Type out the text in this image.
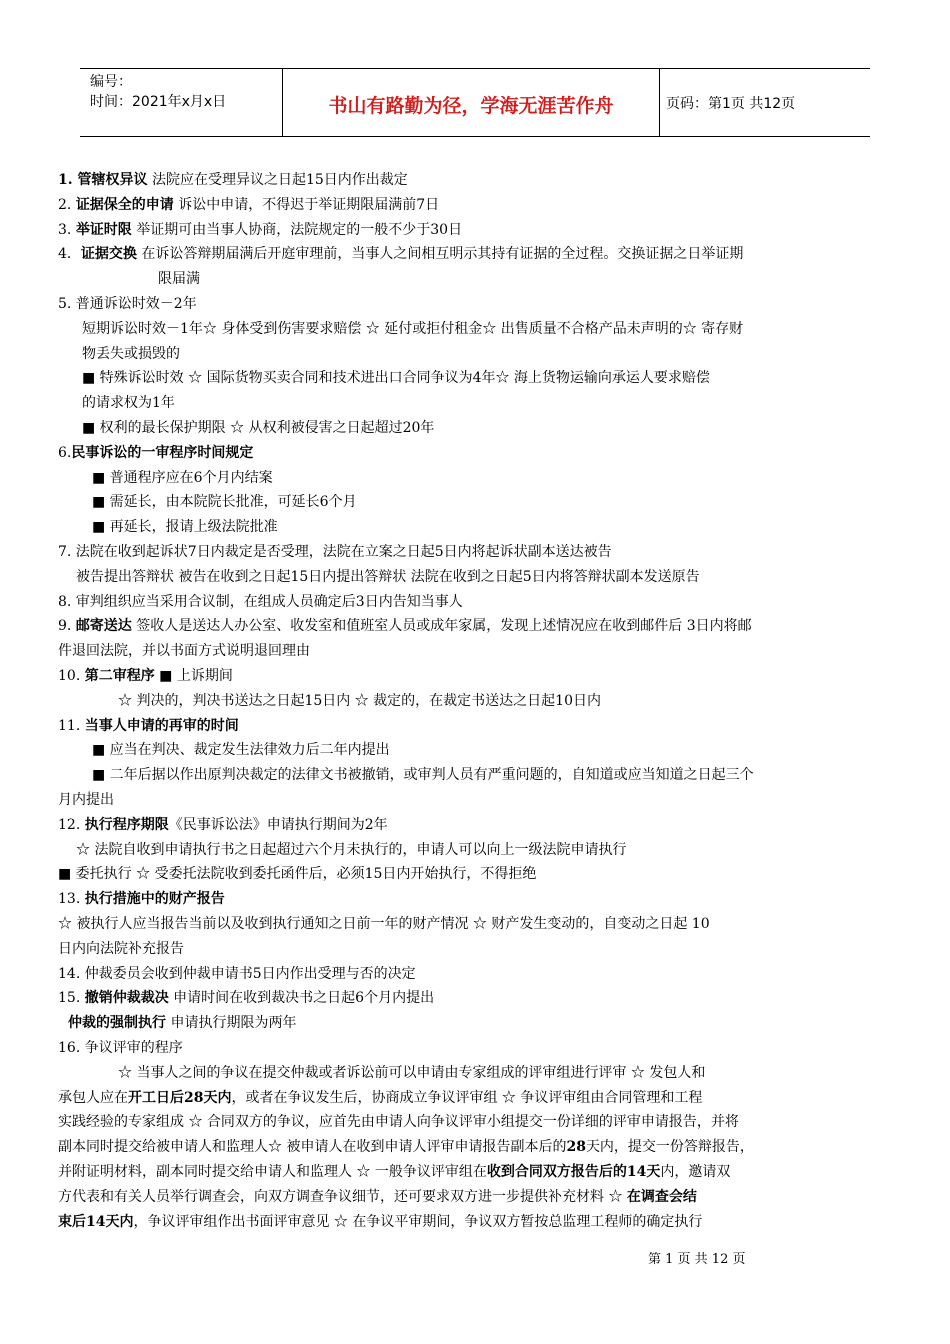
编号：
时间：2021年x月x日	书山有路勤为径，学海无涯苦作舟	页码：第1页 共12页
1. 管辖权异议 法院应在受理异议之日起15日内作出裁定
2. 证据保全的申请 诉讼中申请，不得迟于举证期限届满前7日
3. 举证时限 举证期可由当事人协商，法院规定的一般不少于30日
4．证据交换 在诉讼答辩期届满后开庭审理前，当事人之间相互明示其持有证据的全过程。交换证据之日举证期
限届满
5. 普通诉讼时效－2年
短期诉讼时效－1年☆ 身体受到伤害要求赔偿 ☆ 延付或拒付租金☆ 出售质量不合格产品未声明的☆ 寄存财
物丢失或损毁的
■ 特殊诉讼时效 ☆ 国际货物买卖合同和技术进出口合同争议为4年☆ 海上货物运输向承运人要求赔偿
的请求权为1年
■ 权利的最长保护期限 ☆ 从权利被侵害之日起超过20年
6.民事诉讼的一审程序时间规定
■ 普通程序应在6个月内结案
■ 需延长，由本院院长批准，可延长6个月
■ 再延长，报请上级法院批准
7. 法院在收到起诉状7日内裁定是否受理，法院在立案之日起5日内将起诉状副本送达被告
被告提出答辩状 被告在收到之日起15日内提出答辩状 法院在收到之日起5日内将答辩状副本发送原告
8. 审判组织应当采用合议制，在组成人员确定后3日内告知当事人
9. 邮寄送达 签收人是送达人办公室、收发室和值班室人员或成年家属，发现上述情况应在收到邮件后 3日内将邮
件退回法院，并以书面方式说明退回理由
10. 第二审程序 ■ 上诉期间
☆ 判决的，判决书送达之日起15日内 ☆ 裁定的，在裁定书送达之日起10日内
11. 当事人申请的再审的时间
■ 应当在判决、裁定发生法律效力后二年内提出
■ 二年后据以作出原判决裁定的法律文书被撤销，或审判人员有严重问题的，自知道或应当知道之日起三个
月内提出
12. 执行程序期限《民事诉讼法》申请执行期间为2年
☆ 法院自收到申请执行书之日起超过六个月未执行的，申请人可以向上一级法院申请执行
■ 委托执行 ☆ 受委托法院收到委托函件后，必须15日内开始执行，不得拒绝
13. 执行措施中的财产报告
☆ 被执行人应当报告当前以及收到执行通知之日前一年的财产情况 ☆ 财产发生变动的，自变动之日起 10
日内向法院补充报告
14. 仲裁委员会收到仲裁申请书5日内作出受理与否的决定
15. 撤销仲裁裁决 申请时间在收到裁决书之日起6个月内提出
仲裁的强制执行 申请执行期限为两年
16. 争议评审的程序
☆ 当事人之间的争议在提交仲裁或者诉讼前可以申请由专家组成的评审组进行评审 ☆ 发包人和
承包人应在开工日后28天内，或者在争议发生后，协商成立争议评审组 ☆ 争议评审组由合同管理和工程
实践经验的专家组成 ☆ 合同双方的争议，应首先由申请人向争议评审小组提交一份详细的评审申请报告，并将
副本同时提交给被申请人和监理人☆ 被申请人在收到申请人评审申请报告副本后的28天内，提交一份答辩报告，
并附证明材料，副本同时提交给申请人和监理人 ☆ 一般争议评审组在收到合同双方报告后的14天内，邀请双
方代表和有关人员举行调查会，向双方调查争议细节，还可要求双方进一步提供补充材料 ☆ 在调查会结
束后14天内，争议评审组作出书面评审意见 ☆ 在争议平审期间，争议双方暂按总监理工程师的确定执行
第 1 页 共 12 页
